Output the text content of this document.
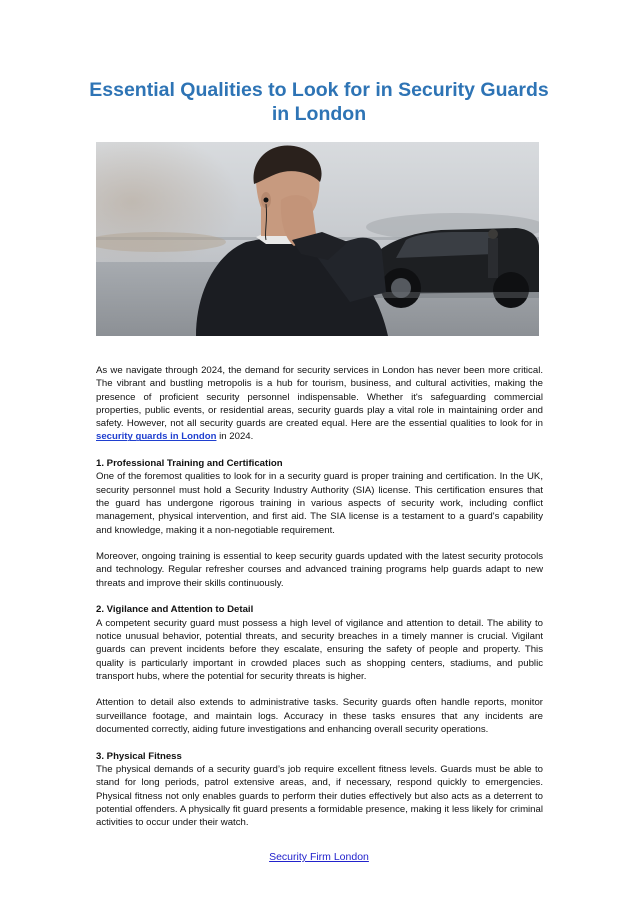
Essential Qualities to Look for in Security Guards in London

As we navigate through 2024, the demand for security services in London has never been more critical. The vibrant and bustling metropolis is a hub for tourism, business, and cultural activities, making the presence of proficient security personnel indispensable. Whether it's safeguarding commercial properties, public events, or residential areas, security guards play a vital role in maintaining order and safety. However, not all security guards are created equal. Here are the essential qualities to look for in security guards in London in 2024.

1. Professional Training and Certification

One of the foremost qualities to look for in a security guard is proper training and certification. In the UK, security personnel must hold a Security Industry Authority (SIA) license. This certification ensures that the guard has undergone rigorous training in various aspects of security work, including conflict management, physical intervention, and first aid. The SIA license is a testament to a guard's capability and knowledge, making it a non-negotiable requirement.

Moreover, ongoing training is essential to keep security guards updated with the latest security protocols and technology. Regular refresher courses and advanced training programs help guards adapt to new threats and improve their skills continuously.

2. Vigilance and Attention to Detail

A competent security guard must possess a high level of vigilance and attention to detail. The ability to notice unusual behavior, potential threats, and security breaches in a timely manner is crucial. Vigilant guards can prevent incidents before they escalate, ensuring the safety of people and property. This quality is particularly important in crowded places such as shopping centers, stadiums, and public transport hubs, where the potential for security threats is higher.

Attention to detail also extends to administrative tasks. Security guards often handle reports, monitor surveillance footage, and maintain logs. Accuracy in these tasks ensures that any incidents are documented correctly, aiding future investigations and enhancing overall security operations.

3. Physical Fitness

The physical demands of a security guard’s job require excellent fitness levels. Guards must be able to stand for long periods, patrol extensive areas, and, if necessary, respond quickly to emergencies. Physical fitness not only enables guards to perform their duties effectively but also acts as a deterrent to potential offenders. A physically fit guard presents a formidable presence, making it less likely for criminal activities to occur under their watch.

Security Firm London
